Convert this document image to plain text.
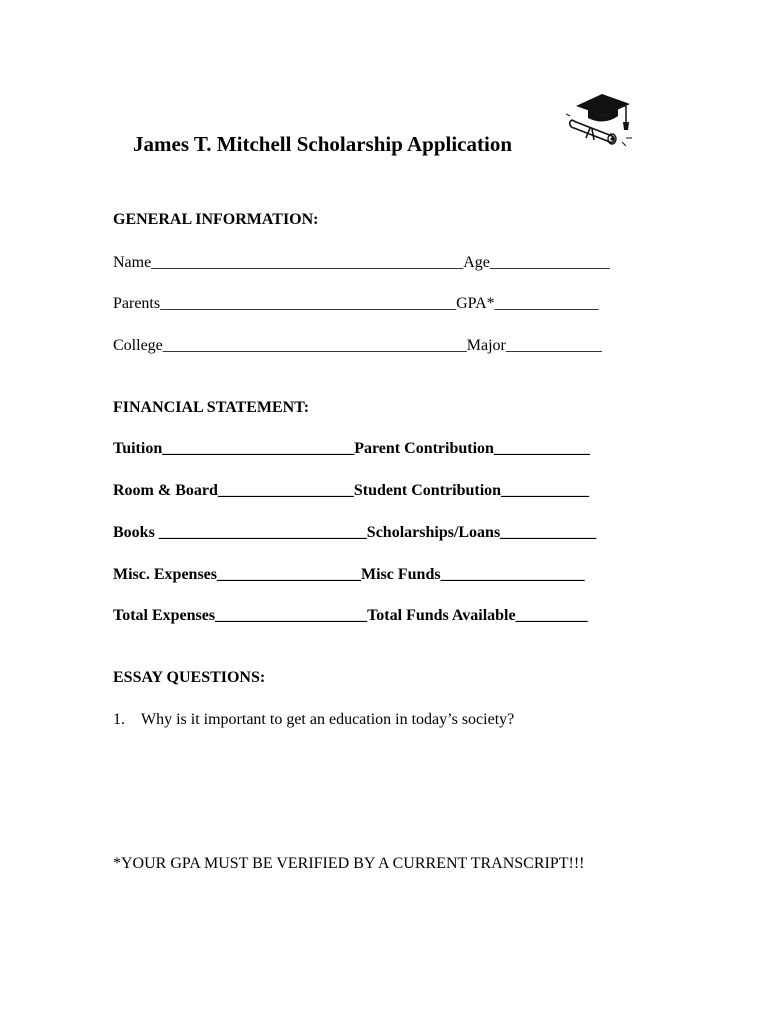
James T. Mitchell Scholarship Application
GENERAL INFORMATION:
Name_______________________________________Age_______________
Parents_____________________________________GPA*_____________
College______________________________________Major____________
FINANCIAL STATEMENT:
Tuition________________________Parent Contribution____________
Room & Board_________________Student Contribution___________
Books __________________________Scholarships/Loans____________
Misc. Expenses__________________Misc Funds__________________
Total Expenses___________________Total Funds Available_________
ESSAY QUESTIONS:
1. Why is it important to get an education in today’s society?
*YOUR GPA MUST BE VERIFIED BY A CURRENT TRANSCRIPT!!!
